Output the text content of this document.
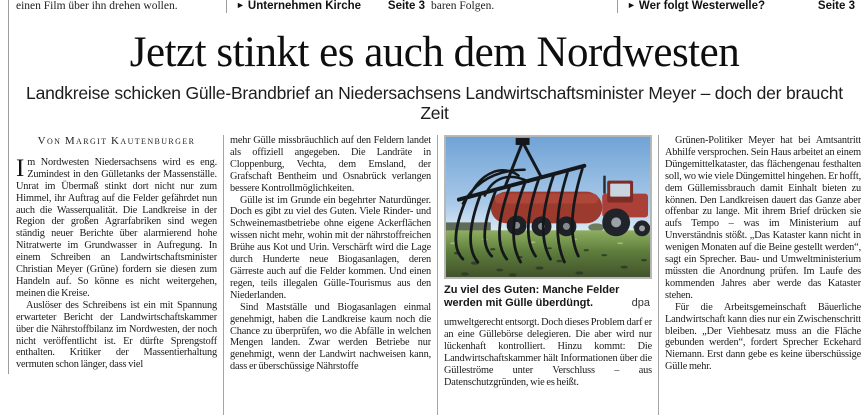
einen Film über ihn drehen wollen.	► Unternehmen Kirche Seite 3 baren Folgen.	► Wer folgt Westerwelle?	Seite 3
Jetzt stinkt es auch dem Nordwesten
Landkreise schicken Gülle-Brandbrief an Niedersachsens Landwirtschaftsminister Meyer – doch der braucht Zeit
Von Margit Kautenburger

Im Nordwesten Niedersachsens wird es eng. Zumindest in den Gülletanks der Massenställe. Unrat im Übermaß stinkt dort nicht nur zum Himmel, ihr Auftrag auf die Felder gefährdet nun auch die Wasserqualität. Die Landkreise in der Region der großen Agrarfabriken sind wegen ständig neuer Berichte über alarmierend hohe Nitratwerte im Grundwasser in Aufregung. In einem Schreiben an Landwirtschaftsminister Christian Meyer (Grüne) fordern sie diesen zum Handeln auf. So könne es nicht weitergehen, meinen die Kreise.

Auslöser des Schreibens ist ein mit Spannung erwarteter Bericht der Landwirtschaftskammer über die Nährstoffbilanz im Nordwesten, der noch nicht veröffentlicht ist. Er dürfte Sprengstoff enthalten. Kritiker der Massentierhaltung vermuten schon länger, dass viel

mehr Gülle missbräuchlich auf den Feldern landet als offiziell angegeben. Die Landräte in Cloppenburg, Vechta, dem Emsland, der Grafschaft Bentheim und Osnabrück verlangen bessere Kontrollmöglichkeiten.

Gülle ist im Grunde ein begehrter Naturdünger. Doch es gibt zu viel des Guten. Viele Rinder- und Schweinemastbetriebe ohne eigene Ackerflächen wissen nicht mehr, wohin mit der nährstoffreichen Brühe aus Kot und Urin. Verschärft wird die Lage durch Hunderte neue Biogasanlagen, deren Gärreste auch auf die Felder kommen. Und einen regen, teils illegalen Gülle-Tourismus aus den Niederlanden.

Sind Mastställe und Biogasanlagen einmal genehmigt, haben die Landkreise kaum noch die Chance zu überprüfen, wo die Abfälle in welchen Mengen landen. Zwar werden Betriebe nur genehmigt, wenn der Landwirt nachweisen kann, dass er überschüssige Nährstoffe

Zu viel des Guten: Manche Felder werden mit Gülle überdüngt.	dpa

umweltgerecht entsorgt. Doch dieses Problem darf er an eine Güllebörse delegieren. Die aber wird nur lückenhaft kontrolliert. Hinzu kommt: Die Landwirtschaftskammer hält Informationen über die Gülleströme unter Verschluss – aus Datenschutzgründen, wie es heißt.

Grünen-Politiker Meyer hat bei Amtsantritt Abhilfe versprochen. Sein Haus arbeitet an einem Düngemittelkataster, das flächengenau festhalten soll, wo wie viele Düngemittel hingehen. Er hofft, dem Güllemissbrauch damit Einhalt bieten zu können. Den Landkreisen dauert das Ganze aber offenbar zu lange. Mit ihrem Brief drücken sie aufs Tempo – was im Ministerium auf Unverständnis stößt. „Das Kataster kann nicht in wenigen Monaten auf die Beine gestellt werden“, sagt ein Sprecher. Bau- und Umweltministerium müssten die Anordnung prüfen. Im Laufe des kommenden Jahres aber werde das Kataster stehen.

Für die Arbeitsgemeinschaft Bäuerliche Landwirtschaft kann dies nur ein Zwischenschritt bleiben. „Der Viehbesatz muss an die Fläche gebunden werden“, fordert Sprecher Eckehard Niemann. Erst dann gebe es keine überschüssige Gülle mehr.
